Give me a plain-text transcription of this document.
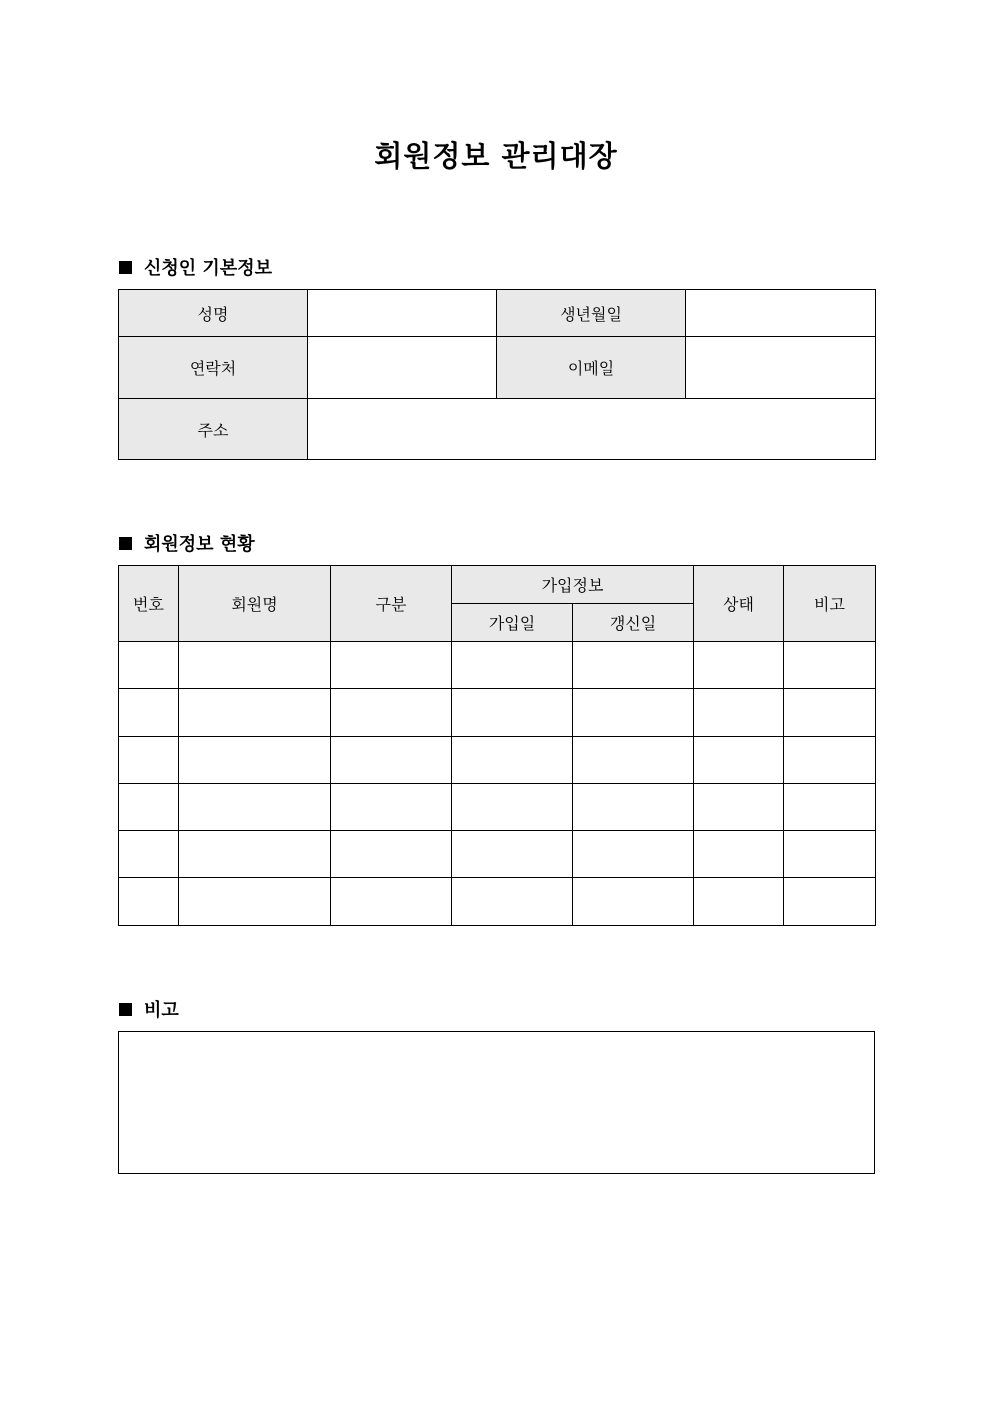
회원정보 관리대장
신청인 기본정보
성명		생년월일	
연락처		이메일	
주소			
회원정보 현황
번호	회원명	구분	가입정보		상태	비고
			가입일	갱신일		

비고
